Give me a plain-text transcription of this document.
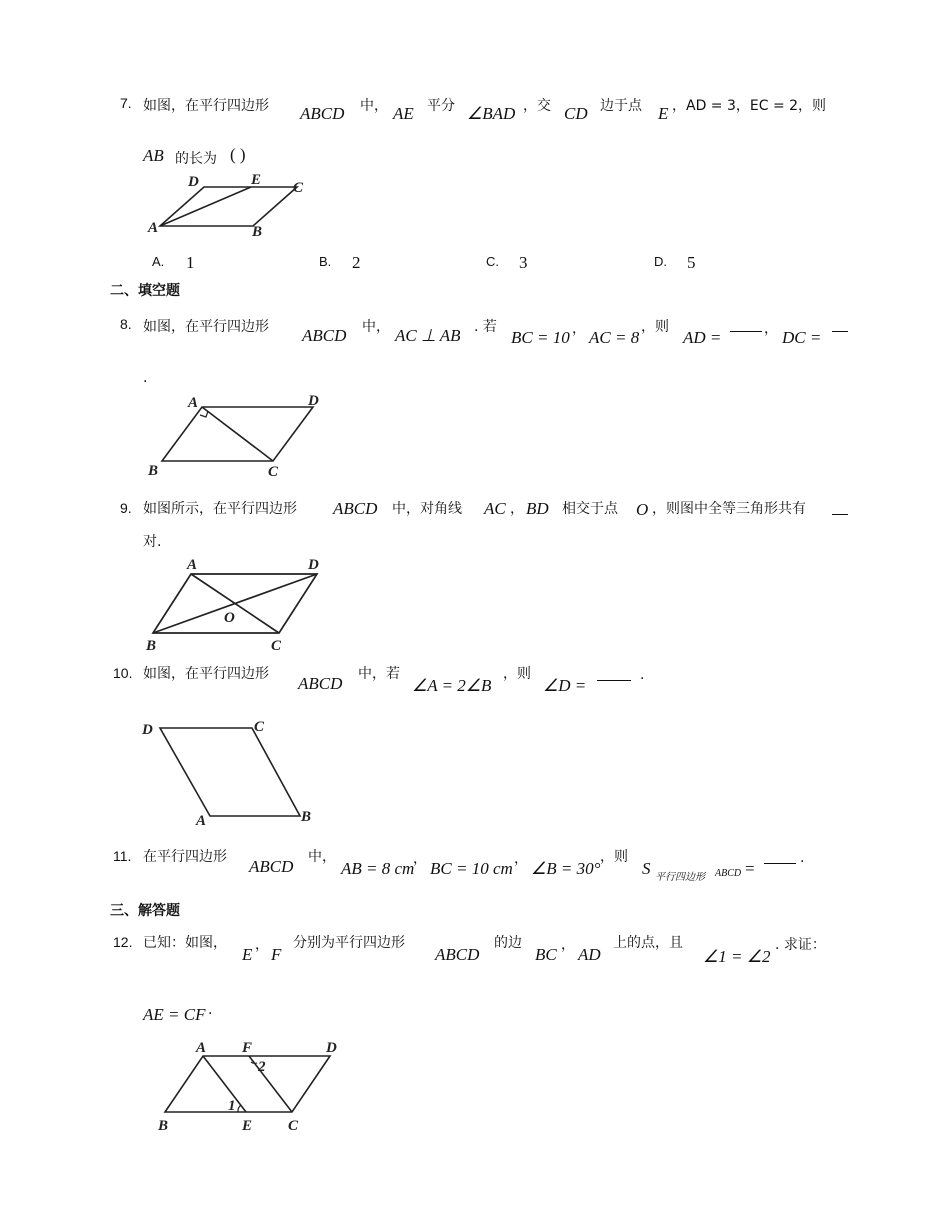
如图，在平行四边形 ABCD 中， AE 平分 ∠BAD ，交 CD 边于点 E ，AD = 3，EC = 2，则
7.
AB 的长为 ( )
D	E C
A	B
A. 1	B. 2	C. 3	D. 5
二、填空题
8. 如图，在平行四边形 ABCD 中， AC ⊥ AB . 若
BC = 10 ， AC = 8
，则
AD =	， DC =
.
A	D
B	C
9. 如图所示，在平行四边形 ABCD 中，对角线 AC ， BD 相交于点 O ，则图中全等三角形共有
对.
A	D
O
B	C
10. 如图，在平行四边形 ABCD 中，若
∠A = 2∠B
，则
∠D =
.
D	C
A	B
11. 在平行四边形 ABCD 中，
AB = 8 cm
， BC = 10 cm ， ∠B = 30°
，则
S 平行四边形 ABCD =
.
三、解答题
12. 已知：如图，
E ， F
分别为平行四边形
ABCD
的边
BC ， AD
上的点，且
∠1 = ∠2
. 求证：
AE = CF .
A F	D
2
1
B	E C
